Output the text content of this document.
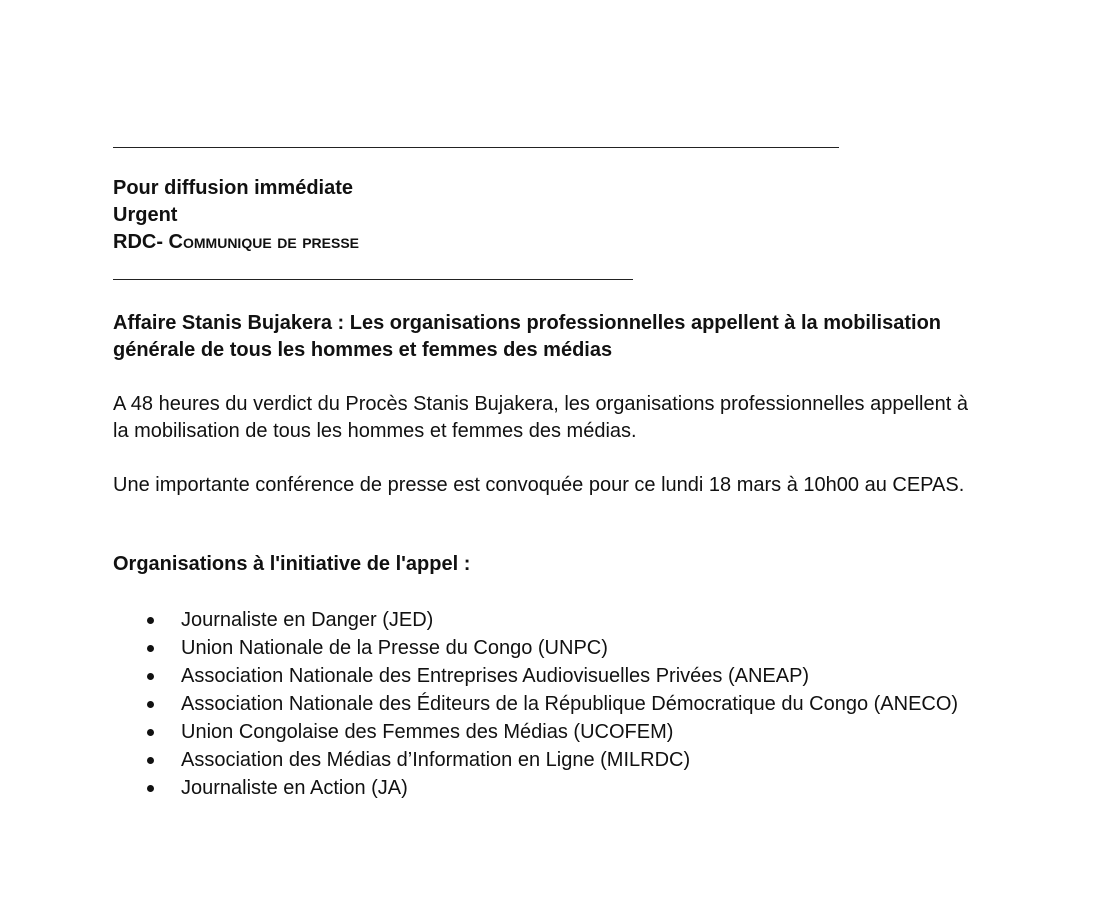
Pour diffusion immédiate
Urgent
RDC- Communique de presse
Affaire Stanis Bujakera : Les organisations professionnelles appellent à la mobilisation générale de tous les hommes et femmes des médias
A 48 heures du verdict du Procès Stanis Bujakera, les organisations professionnelles appellent à la mobilisation de tous les hommes et femmes des médias.
Une importante conférence de presse est convoquée pour ce lundi 18 mars à 10h00 au CEPAS.
Organisations à l'initiative de l'appel :
Journaliste en Danger (JED)
Union Nationale de la Presse du Congo (UNPC)
Association Nationale des Entreprises Audiovisuelles Privées (ANEAP)
Association Nationale des Éditeurs de la République Démocratique du Congo (ANECO)
Union Congolaise des Femmes des Médias (UCOFEM)
Association des Médias d’Information en Ligne (MILRDC)
Journaliste en Action (JA)
